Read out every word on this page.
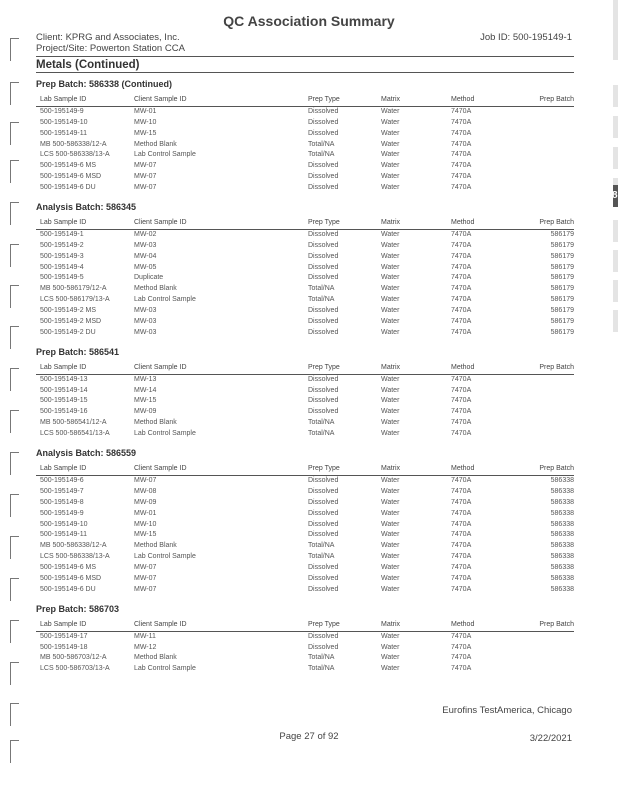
8
QC Association Summary
Client: KPRG and Associates, Inc.
Project/Site: Powerton Station CCA
Job ID: 500-195149-1
Metals (Continued)
Prep Batch: 586338 (Continued)
Lab Sample ID	Client Sample ID	Prep Type	Matrix	Method	Prep Batch
500-195149-9	MW-01	Dissolved	Water	7470A
500-195149-10	MW-10	Dissolved	Water	7470A
500-195149-11	MW-15	Dissolved	Water	7470A
MB 500-586338/12-A	Method Blank	Total/NA	Water	7470A
LCS 500-586338/13-A	Lab Control Sample	Total/NA	Water	7470A
500-195149-6 MS	MW-07	Dissolved	Water	7470A
500-195149-6 MSD	MW-07	Dissolved	Water	7470A
500-195149-6 DU	MW-07	Dissolved	Water	7470A
Analysis Batch: 586345
Lab Sample ID	Client Sample ID	Prep Type	Matrix	Method	Prep Batch
500-195149-1	MW-02	Dissolved	Water	7470A	586179
500-195149-2	MW-03	Dissolved	Water	7470A	586179
500-195149-3	MW-04	Dissolved	Water	7470A	586179
500-195149-4	MW-05	Dissolved	Water	7470A	586179
500-195149-5	Duplicate	Dissolved	Water	7470A	586179
MB 500-586179/12-A	Method Blank	Total/NA	Water	7470A	586179
LCS 500-586179/13-A	Lab Control Sample	Total/NA	Water	7470A	586179
500-195149-2 MS	MW-03	Dissolved	Water	7470A	586179
500-195149-2 MSD	MW-03	Dissolved	Water	7470A	586179
500-195149-2 DU	MW-03	Dissolved	Water	7470A	586179
Prep Batch: 586541
Lab Sample ID	Client Sample ID	Prep Type	Matrix	Method	Prep Batch
500-195149-13	MW-13	Dissolved	Water	7470A
500-195149-14	MW-14	Dissolved	Water	7470A
500-195149-15	MW-15	Dissolved	Water	7470A
500-195149-16	MW-09	Dissolved	Water	7470A
MB 500-586541/12-A	Method Blank	Total/NA	Water	7470A
LCS 500-586541/13-A	Lab Control Sample	Total/NA	Water	7470A
Analysis Batch: 586559
Lab Sample ID	Client Sample ID	Prep Type	Matrix	Method	Prep Batch
500-195149-6	MW-07	Dissolved	Water	7470A	586338
500-195149-7	MW-08	Dissolved	Water	7470A	586338
500-195149-8	MW-09	Dissolved	Water	7470A	586338
500-195149-9	MW-01	Dissolved	Water	7470A	586338
500-195149-10	MW-10	Dissolved	Water	7470A	586338
500-195149-11	MW-15	Dissolved	Water	7470A	586338
MB 500-586338/12-A	Method Blank	Total/NA	Water	7470A	586338
LCS 500-586338/13-A	Lab Control Sample	Total/NA	Water	7470A	586338
500-195149-6 MS	MW-07	Dissolved	Water	7470A	586338
500-195149-6 MSD	MW-07	Dissolved	Water	7470A	586338
500-195149-6 DU	MW-07	Dissolved	Water	7470A	586338
Prep Batch: 586703
Lab Sample ID	Client Sample ID	Prep Type	Matrix	Method	Prep Batch
500-195149-17	MW-11	Dissolved	Water	7470A
500-195149-18	MW-12	Dissolved	Water	7470A
MB 500-586703/12-A	Method Blank	Total/NA	Water	7470A
LCS 500-586703/13-A	Lab Control Sample	Total/NA	Water	7470A
Eurofins TestAmerica, Chicago
Page 27 of 92	3/22/2021
